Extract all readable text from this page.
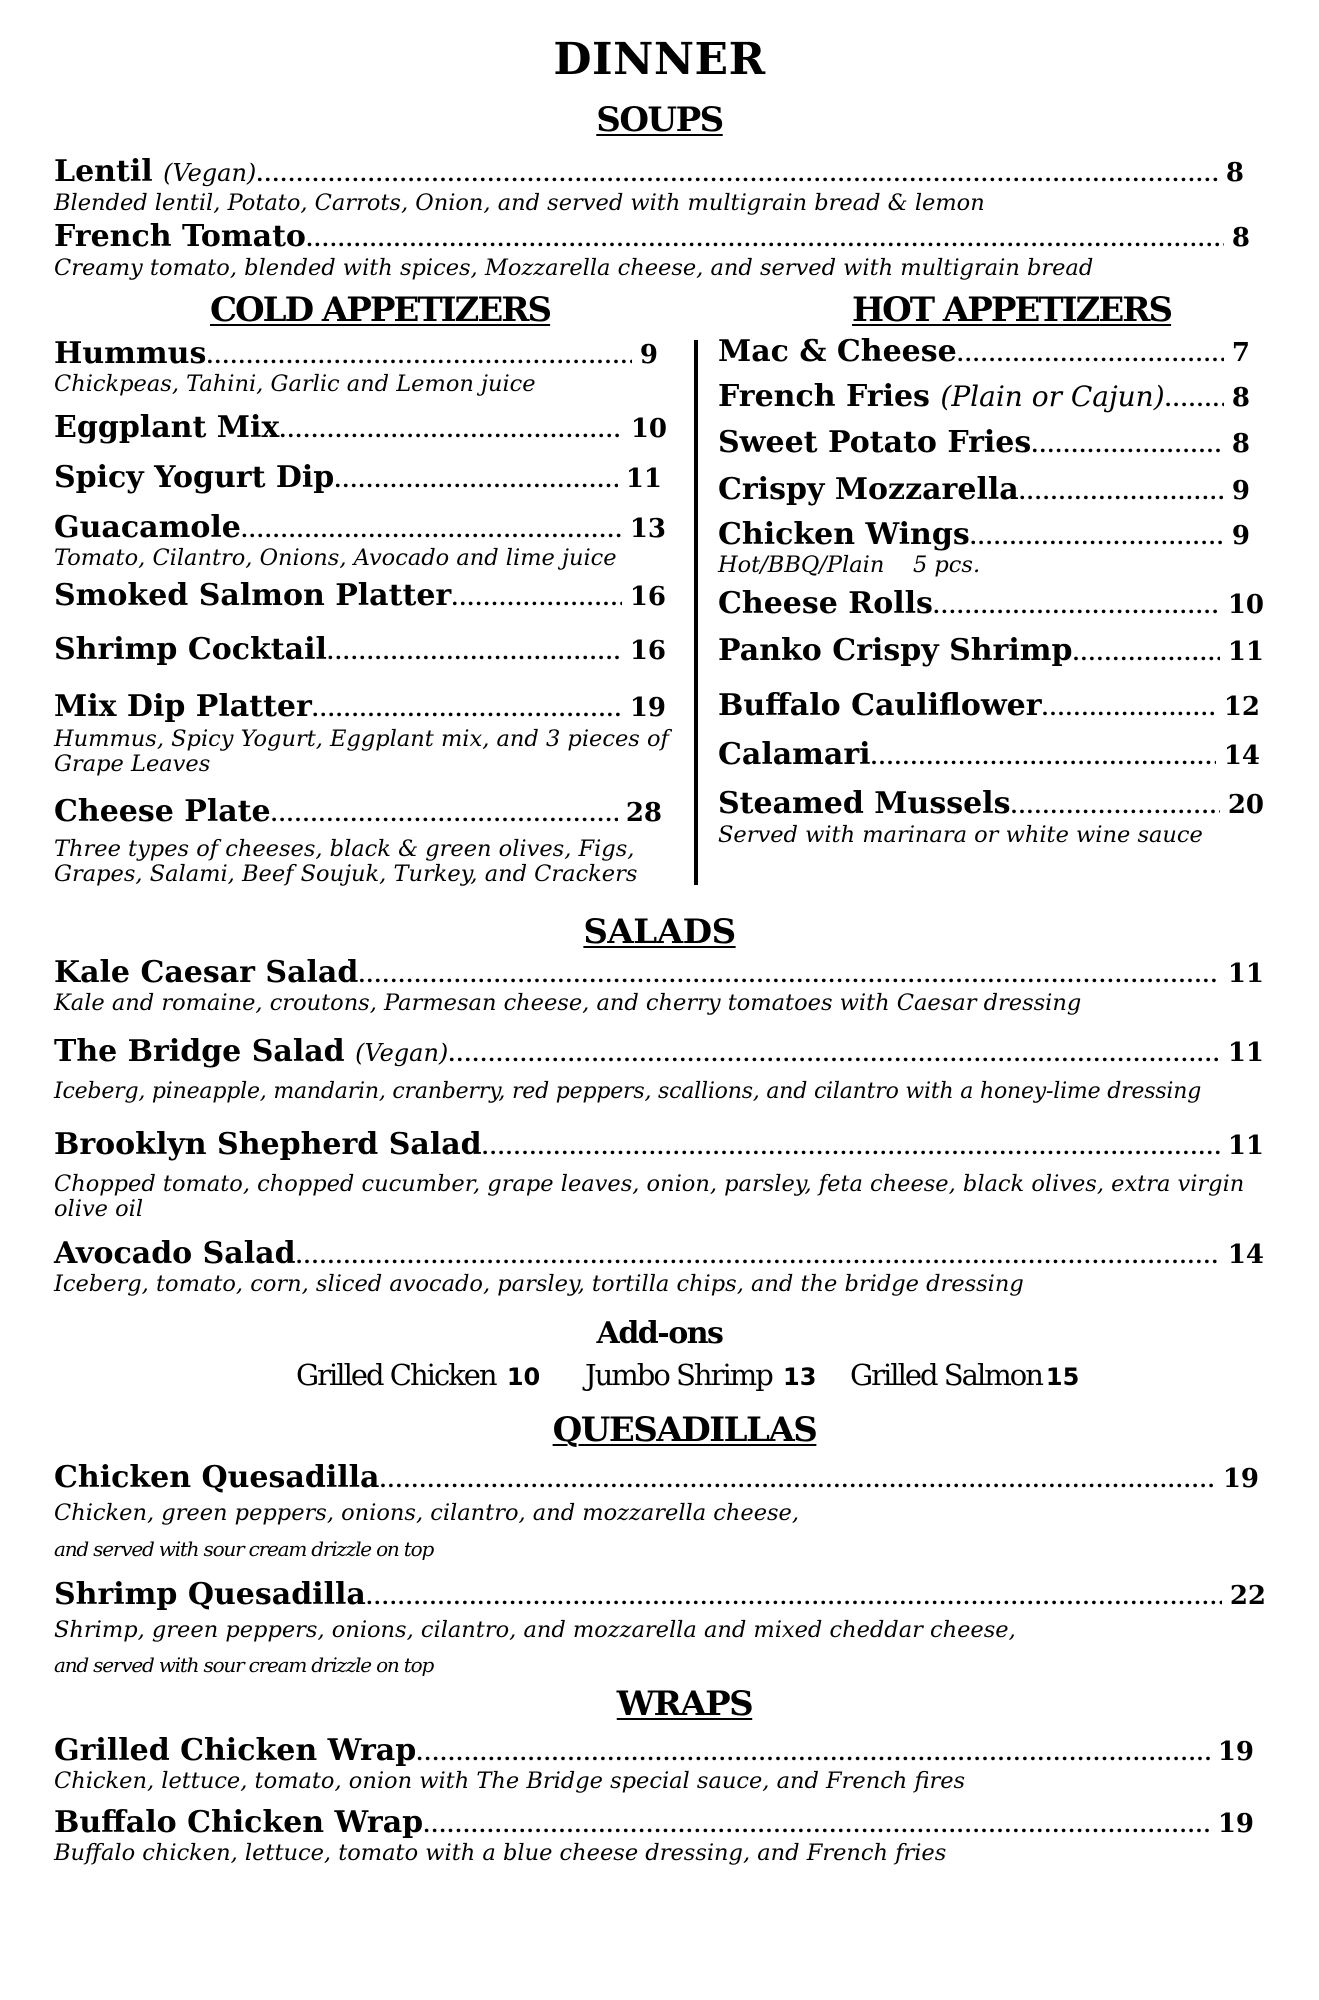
DINNER
SOUPS
Lentil (Vegan) .....	8
Blended lentil, Potato, Carrots, Onion, and served with multigrain bread & lemon
French Tomato .....	8
Creamy tomato, blended with spices, Mozzarella cheese, and served with multigrain bread
COLD APPETIZERS	HOT APPETIZERS
Hummus .....	9
Chickpeas, Tahini, Garlic and Lemon juice
Eggplant Mix .....	10
Spicy Yogurt Dip .....	11
Guacamole .....	13
Tomato, Cilantro, Onions, Avocado and lime juice
Smoked Salmon Platter .....	16
Shrimp Cocktail .....	16
Mix Dip Platter .....	19
Hummus, Spicy Yogurt, Eggplant mix, and 3 pieces of Grape Leaves
Cheese Plate .....	28
Three types of cheeses, black & green olives, Figs, Grapes, Salami, Beef Soujuk, Turkey, and Crackers
Mac & Cheese .....	7
French Fries (Plain or Cajun) .....	8
Sweet Potato Fries .....	8
Crispy Mozzarella .....	9
Chicken Wings .....	9
Hot/BBQ/Plain 5 pcs.
Cheese Rolls .....	10
Panko Crispy Shrimp .....	11
Buffalo Cauliflower .....	12
Calamari .....	14
Steamed Mussels .....	20
Served with marinara or white wine sauce
SALADS
Kale Caesar Salad .....	11
Kale and romaine, croutons, Parmesan cheese, and cherry tomatoes with Caesar dressing
The Bridge Salad (Vegan) .....	11
Iceberg, pineapple, mandarin, cranberry, red peppers, scallions, and cilantro with a honey-lime dressing
Brooklyn Shepherd Salad .....	11
Chopped tomato, chopped cucumber, grape leaves, onion, parsley, feta cheese, black olives, extra virgin olive oil
Avocado Salad .....	14
Iceberg, tomato, corn, sliced avocado, parsley, tortilla chips, and the bridge dressing
Add-ons
Grilled Chicken 10 Jumbo Shrimp 13 Grilled Salmon 15
QUESADILLAS
Chicken Quesadilla .....	19
Chicken, green peppers, onions, cilantro, and mozzarella cheese,
and served with sour cream drizzle on top
Shrimp Quesadilla .....	22
Shrimp, green peppers, onions, cilantro, and mozzarella and mixed cheddar cheese,
and served with sour cream drizzle on top
WRAPS
Grilled Chicken Wrap .....	19
Chicken, lettuce, tomato, onion with The Bridge special sauce, and French fires
Buffalo Chicken Wrap .....	19
Buffalo chicken, lettuce, tomato with a blue cheese dressing, and French fries
